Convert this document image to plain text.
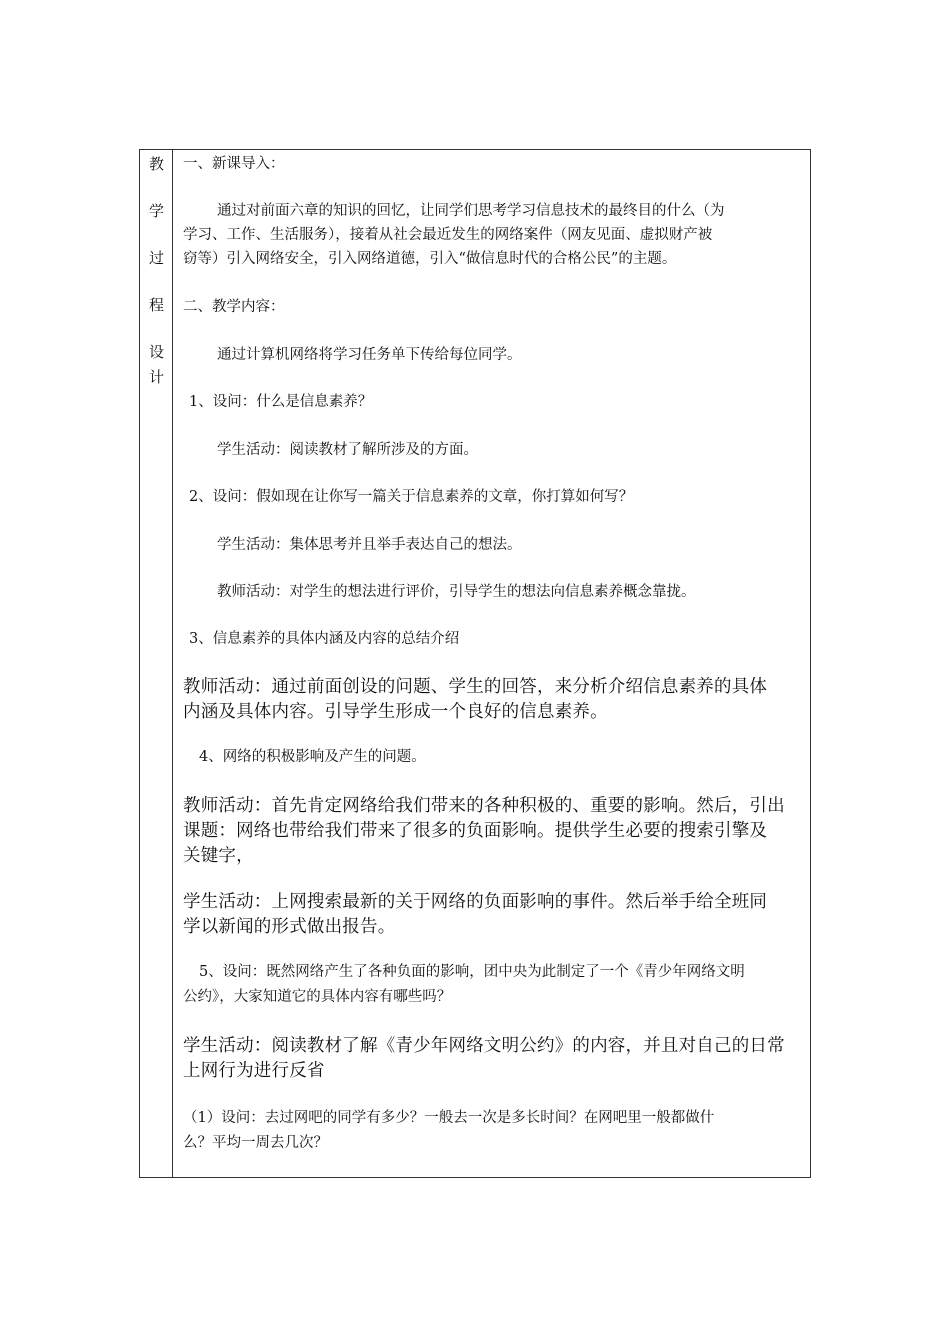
教
学
过
程
设
计
一、新课导入：
通过对前面六章的知识的回忆，让同学们思考学习信息技术的最终目的什么（为
学习、工作、生活服务），接着从社会最近发生的网络案件（网友见面、虚拟财产被
窃等）引入网络安全，引入网络道德，引入“做信息时代的合格公民”的主题。
二、教学内容：
通过计算机网络将学习任务单下传给每位同学。
1、设问：什么是信息素养？
学生活动：阅读教材了解所涉及的方面。
2、设问：假如现在让你写一篇关于信息素养的文章，你打算如何写？
学生活动：集体思考并且举手表达自己的想法。
教师活动：对学生的想法进行评价，引导学生的想法向信息素养概念靠拢。
3、信息素养的具体内涵及内容的总结介绍
教师活动：通过前面创设的问题、学生的回答，来分析介绍信息素养的具体
内涵及具体内容。引导学生形成一个良好的信息素养。
4、网络的积极影响及产生的问题。
教师活动：首先肯定网络给我们带来的各种积极的、重要的影响。然后，引出
课题：网络也带给我们带来了很多的负面影响。提供学生必要的搜索引擎及
关键字，
学生活动：上网搜索最新的关于网络的负面影响的事件。然后举手给全班同
学以新闻的形式做出报告。
5、设问：既然网络产生了各种负面的影响，团中央为此制定了一个《青少年网络文明
公约》，大家知道它的具体内容有哪些吗？
学生活动：阅读教材了解《青少年网络文明公约》的内容，并且对自己的日常
上网行为进行反省
（1）设问：去过网吧的同学有多少？一般去一次是多长时间？在网吧里一般都做什
么？平均一周去几次？
